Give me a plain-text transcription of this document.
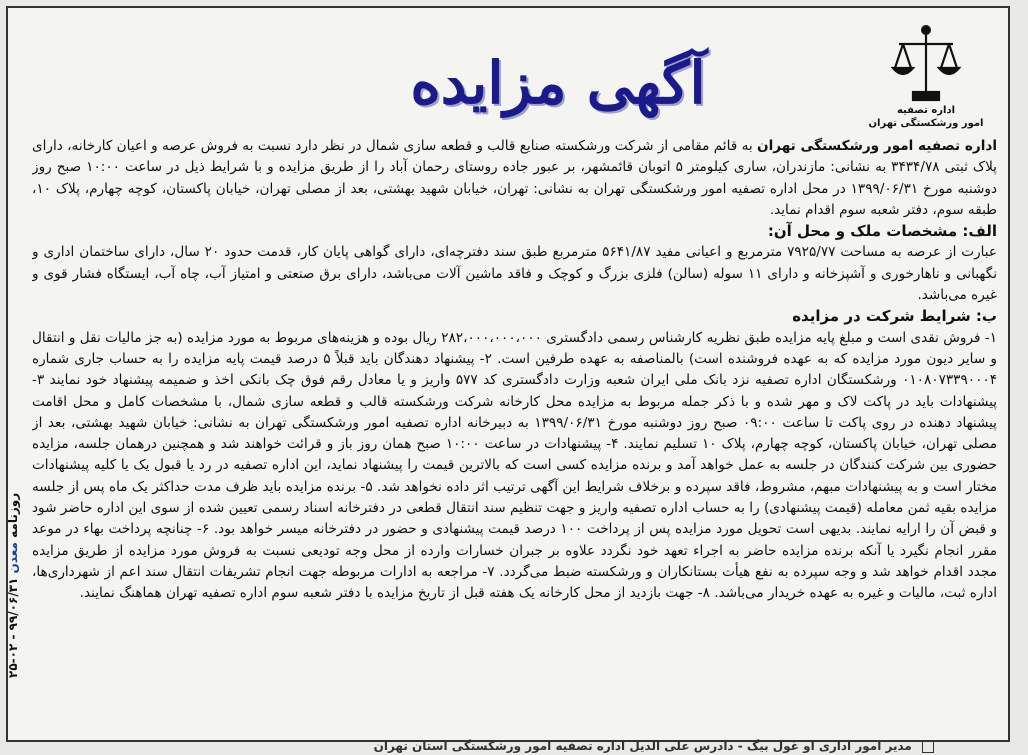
اداره تصفیه
امور ورشکستگی تهران
آگهی مزایده

اداره تصفیه امور ورشکستگی تهران به قائم مقامی از شرکت ورشکسته صنایع قالب و قطعه سازی شمال در نظر دارد نسبت به فروش عرصه و اعیان کارخانه، دارای پلاک ثبتی ۳۴۳۴/۷۸ به نشانی: مازندران، ساری کیلومتر ۵ اتوبان قائمشهر، بر عبور جاده روستای رحمان آباد را از طریق مزایده و با شرایط ذیل در ساعت ۱۰:۰۰ صبح روز دوشنبه مورخ ۱۳۹۹/۰۶/۳۱ در محل اداره تصفیه امور ورشکستگی تهران به نشانی: تهران، خیابان شهید بهشتی، بعد از مصلی تهران، خیابان پاکستان، کوچه چهارم، پلاک ۱۰، طبقه سوم، دفتر شعبه سوم اقدام نماید.

الف: مشخصات ملک و محل آن:

عبارت از عرصه به مساحت ۷۹۲۵/۷۷ مترمربع و اعیانی مفید ۵۶۴۱/۸۷ مترمربع طبق سند دفترچه‌ای، دارای گواهی پایان کار، قدمت حدود ۲۰ سال، دارای ساختمان اداری و نگهبانی و ناهارخوری و آشپزخانه و دارای ۱۱ سوله (سالن) فلزی بزرگ و کوچک و فاقد ماشین آلات می‌باشد، دارای برق صنعتی و امتیاز آب، چاه آب، ایستگاه فشار قوی و غیره می‌باشد.

ب: شرایط شرکت در مزایده

۱- فروش نقدی است و مبلغ پایه مزایده طبق نظریه کارشناس رسمی دادگستری ۲۸۲،۰۰۰،۰۰۰،۰۰۰ ریال بوده و هزینه‌های مربوط به مورد مزایده (به جز مالیات نقل و انتقال و سایر دیون مورد مزایده که به عهده فروشنده است) بالمناصفه به عهده طرفین است. ۲- پیشنهاد دهندگان باید قبلاً ۵ درصد قیمت پایه مزایده را به حساب جاری شماره ۰۱۰۸۰۷۳۳۹۰۰۰۴ ورشکستگان اداره تصفیه نزد بانک ملی ایران شعبه وزارت دادگستری کد ۵۷۷ واریز و یا معادل رقم فوق چک بانکی اخذ و ضمیمه پیشنهاد خود نمایند ۳- پیشنهادات باید در پاکت لاک و مهر شده و با ذکر جمله مربوط به مزایده محل کارخانه شرکت ورشکسته قالب و قطعه سازی شمال، با مشخصات کامل و محل اقامت پیشنهاد دهنده در روی پاکت تا ساعت ۰۹:۰۰ صبح روز دوشنبه مورخ ۱۳۹۹/۰۶/۳۱ به دبیرخانه اداره تصفیه امور ورشکستگی تهران به نشانی: خیابان شهید بهشتی، بعد از مصلی تهران، خیابان پاکستان، کوچه چهارم، پلاک ۱۰ تسلیم نمایند. ۴- پیشنهادات در ساعت ۱۰:۰۰ صبح همان روز باز و قرائت خواهند شد و همچنین درهمان جلسه، مزایده حضوری بین شرکت کنندگان در جلسه به عمل خواهد آمد و برنده مزایده کسی است که بالاترین قیمت را پیشنهاد نماید، این اداره تصفیه در رد یا قبول یک یا کلیه پیشنهادات مختار است و به پیشنهادات مبهم، مشروط، فاقد سپرده و برخلاف شرایط این آگهی ترتیب اثر داده نخواهد شد. ۵- برنده مزایده باید ظرف مدت حداکثر یک ماه پس از جلسه مزایده بقیه ثمن معامله (قیمت پیشنهادی) را به حساب اداره تصفیه واریز و جهت تنظیم سند انتقال قطعی در دفترخانه اسناد رسمی تعیین شده از سوی این اداره حاضر شود و قبض آن را ارایه نمایند. بدیهی است تحویل مورد مزایده پس از پرداخت ۱۰۰ درصد قیمت پیشنهادی و حضور در دفترخانه میسر خواهد بود. ۶- چنانچه پرداخت بهاء در موعد مقرر انجام نگیرد یا آنکه برنده مزایده حاضر به اجراء تعهد خود نگردد علاوه بر جبران خسارات وارده از محل وجه تودیعی نسبت به فروش مورد مزایده از طریق مزایده مجدد اقدام خواهد شد و وجه سپرده به نفع هیأت بستانکاران و ورشکسته ضبط می‌گردد. ۷- مراجعه به ادارات مربوطه جهت انجام تشریفات انتقال سند اعم از شهرداری‌ها، اداره ثبت، مالیات و غیره به عهده خریدار می‌باشد. ۸- جهت بازدید از محل کارخانه یک هفته قبل از تاریخ مزایده با دفتر شعبه سوم اداره تصفیه تهران هماهنگ نمایند.

روزنامه معدن ۹۹/۰۶/۳۱ - ۰۲-۲۵
مدیر امور اداری او غول بیگ - دادرس علی الدیل اداره تصفیه امور ورشکستگی استان تهران
